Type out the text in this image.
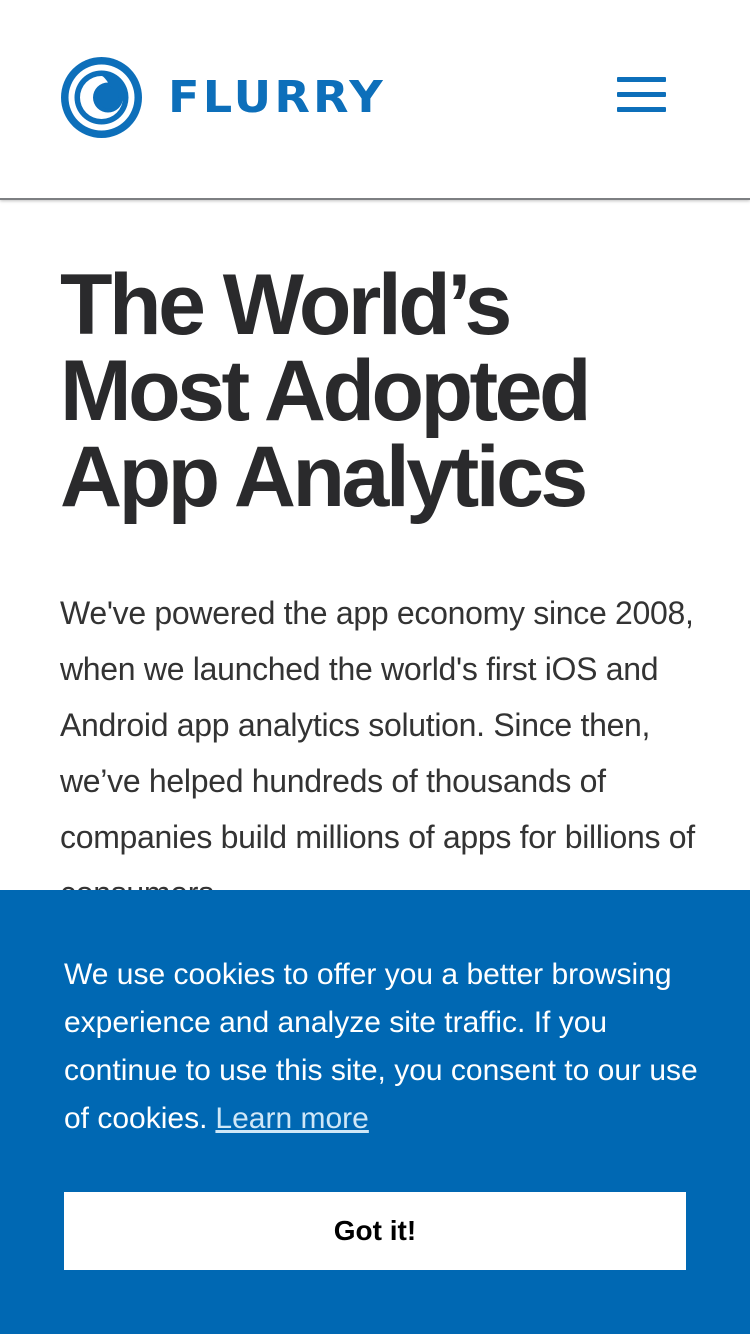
FLURRY
The World’s
Most Adopted
App Analytics

We've powered the app economy since 2008, when we launched the world's first iOS and Android app analytics solution. Since then, we’ve helped hundreds of thousands of companies build millions of apps for billions of

We use cookies to offer you a better browsing experience and analyze site traffic. If you continue to use this site, you consent to our use of cookies. Learn more

Got it!
